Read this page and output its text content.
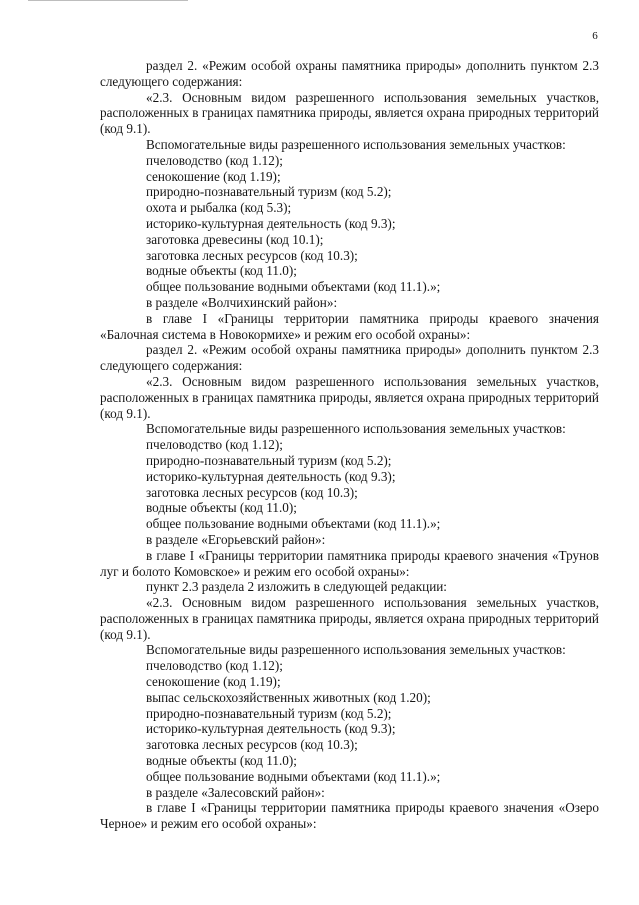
6

раздел 2. «Режим особой охраны памятника природы» дополнить пунктом 2.3 следующего содержания:

«2.3. Основным видом разрешенного использования земельных участков, расположенных в границах памятника природы, является охрана природных территорий (код 9.1).

Вспомогательные виды разрешенного использования земельных участков:

пчеловодство (код 1.12);

сенокошение (код 1.19);

природно-познавательный туризм (код 5.2);

охота и рыбалка (код 5.3);

историко-культурная деятельность (код 9.3);

заготовка древесины (код 10.1);

заготовка лесных ресурсов (код 10.3);

водные объекты (код 11.0);

общее пользование водными объектами (код 11.1).»;

в разделе «Волчихинский район»:

в главе I «Границы территории памятника природы краевого значения «Балочная система в Новокормихе» и режим его особой охраны»:

раздел 2. «Режим особой охраны памятника природы» дополнить пунктом 2.3 следующего содержания:

«2.3. Основным видом разрешенного использования земельных участков, расположенных в границах памятника природы, является охрана природных территорий (код 9.1).

Вспомогательные виды разрешенного использования земельных участков:

пчеловодство (код 1.12);

природно-познавательный туризм (код 5.2);

историко-культурная деятельность (код 9.3);

заготовка лесных ресурсов (код 10.3);

водные объекты (код 11.0);

общее пользование водными объектами (код 11.1).»;

в разделе «Егорьевский район»:

в главе I «Границы территории памятника природы краевого значения «Трунов луг и болото Комовское» и режим его особой охраны»:

пункт 2.3 раздела 2 изложить в следующей редакции:

«2.3. Основным видом разрешенного использования земельных участков, расположенных в границах памятника природы, является охрана природных территорий (код 9.1).

Вспомогательные виды разрешенного использования земельных участков:

пчеловодство (код 1.12);

сенокошение (код 1.19);

выпас сельскохозяйственных животных (код 1.20);

природно-познавательный туризм (код 5.2);

историко-культурная деятельность (код 9.3);

заготовка лесных ресурсов (код 10.3);

водные объекты (код 11.0);

общее пользование водными объектами (код 11.1).»;

в разделе «Залесовский район»:

в главе I «Границы территории памятника природы краевого значения «Озеро Черное» и режим его особой охраны»:
